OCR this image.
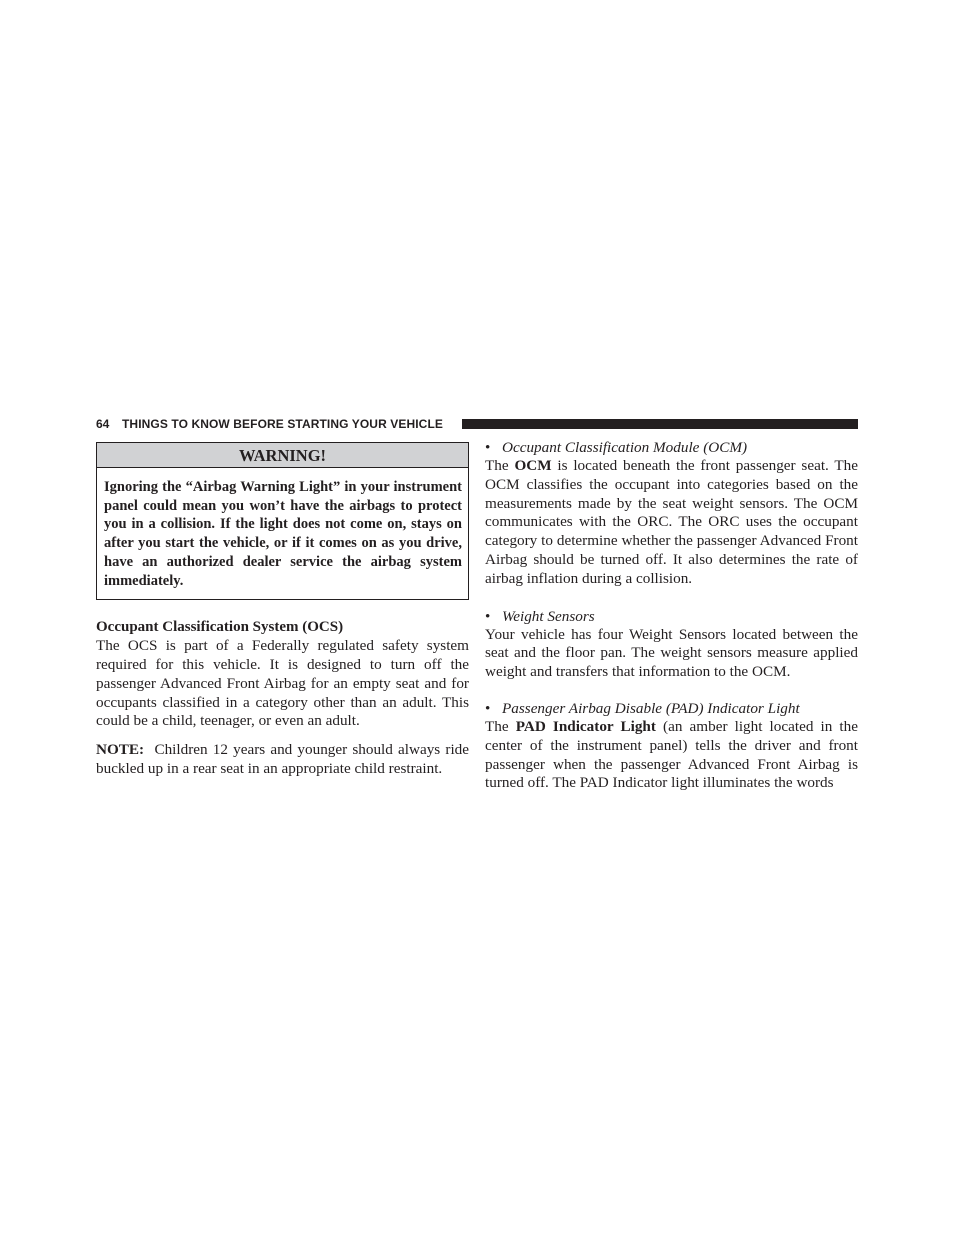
64 THINGS TO KNOW BEFORE STARTING YOUR VEHICLE
WARNING!
Ignoring the “Airbag Warning Light” in your instrument panel could mean you won’t have the airbags to protect you in a collision. If the light does not come on, stays on after you start the vehicle, or if it comes on as you drive, have an authorized dealer service the airbag system immediately.
Occupant Classification System (OCS)

The OCS is part of a Federally regulated safety system required for this vehicle. It is designed to turn off the passenger Advanced Front Airbag for an empty seat and for occupants classified in a category other than an adult. This could be a child, teenager, or even an adult.

NOTE: Children 12 years and younger should always ride buckled up in a rear seat in an appropriate child restraint.

• Occupant Classification Module (OCM)

The OCM is located beneath the front passenger seat. The OCM classifies the occupant into categories based on the measurements made by the seat weight sensors. The OCM communicates with the ORC. The ORC uses the occupant category to determine whether the passenger Advanced Front Airbag should be turned off. It also determines the rate of airbag inflation during a collision.

• Weight Sensors

Your vehicle has four Weight Sensors located between the seat and the floor pan. The weight sensors measure applied weight and transfers that information to the OCM.

• Passenger Airbag Disable (PAD) Indicator Light

The PAD Indicator Light (an amber light located in the center of the instrument panel) tells the driver and front passenger when the passenger Advanced Front Airbag is turned off. The PAD Indicator light illuminates the words
